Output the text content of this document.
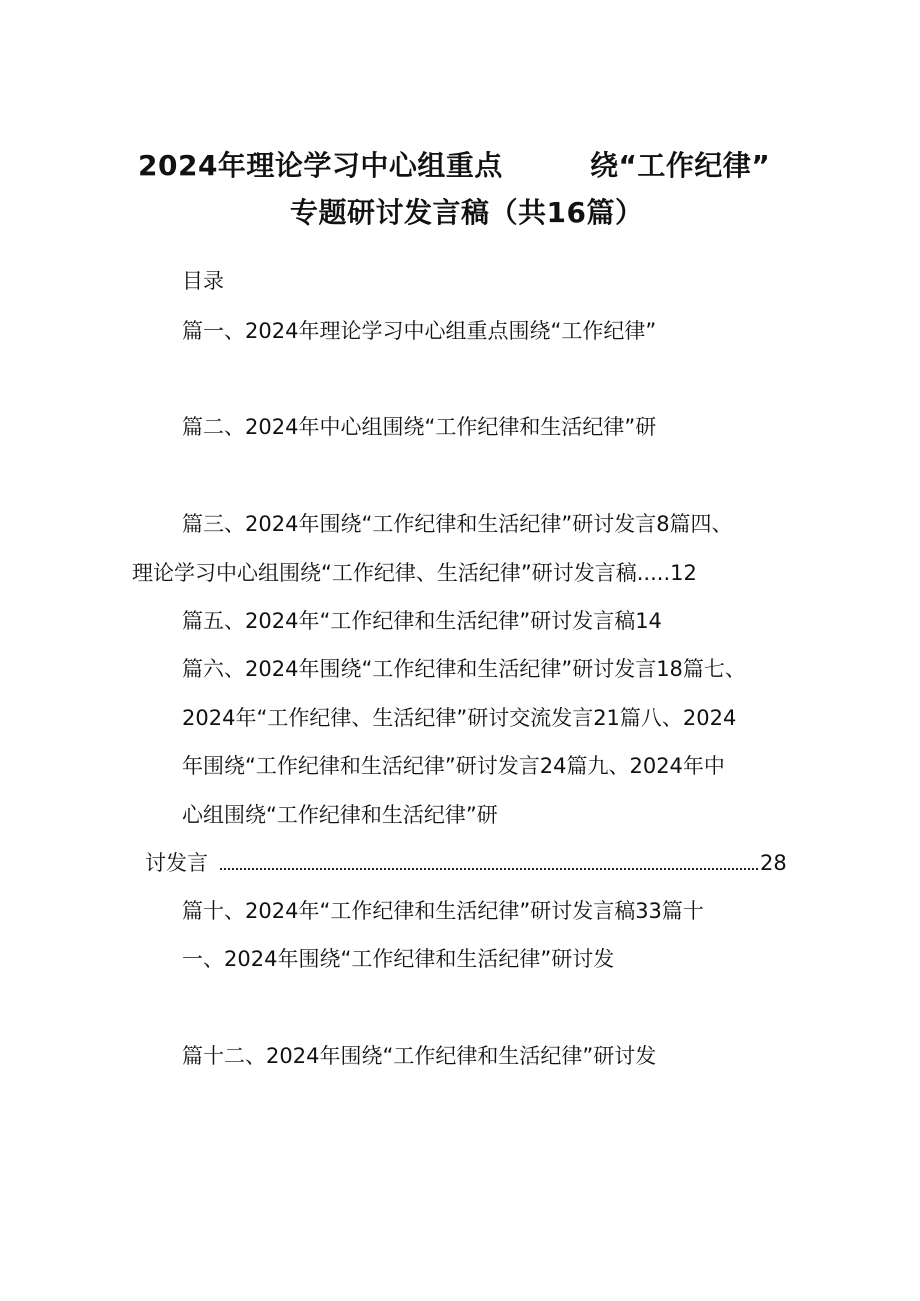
2024年理论学习中心组重点	绕“工作纪律”
专题研讨发言稿（共16篇）
目录
篇一、2024年理论学习中心组重点围绕“工作纪律”
篇二、2024年中心组围绕“工作纪律和生活纪律”研
篇三、2024年围绕“工作纪律和生活纪律”研讨发言8篇四、
理论学习中心组围绕“工作纪律、生活纪律”研讨发言稿.....12
篇五、2024年“工作纪律和生活纪律”研讨发言稿14
篇六、2024年围绕“工作纪律和生活纪律”研讨发言18篇七、
2024年“工作纪律、生活纪律”研讨交流发言21篇八、2024
年围绕“工作纪律和生活纪律”研讨发言24篇九、2024年中
心组围绕“工作纪律和生活纪律”研
讨发言	28
篇十、2024年“工作纪律和生活纪律”研讨发言稿33篇十
一、2024年围绕“工作纪律和生活纪律”研讨发
篇十二、2024年围绕“工作纪律和生活纪律”研讨发
